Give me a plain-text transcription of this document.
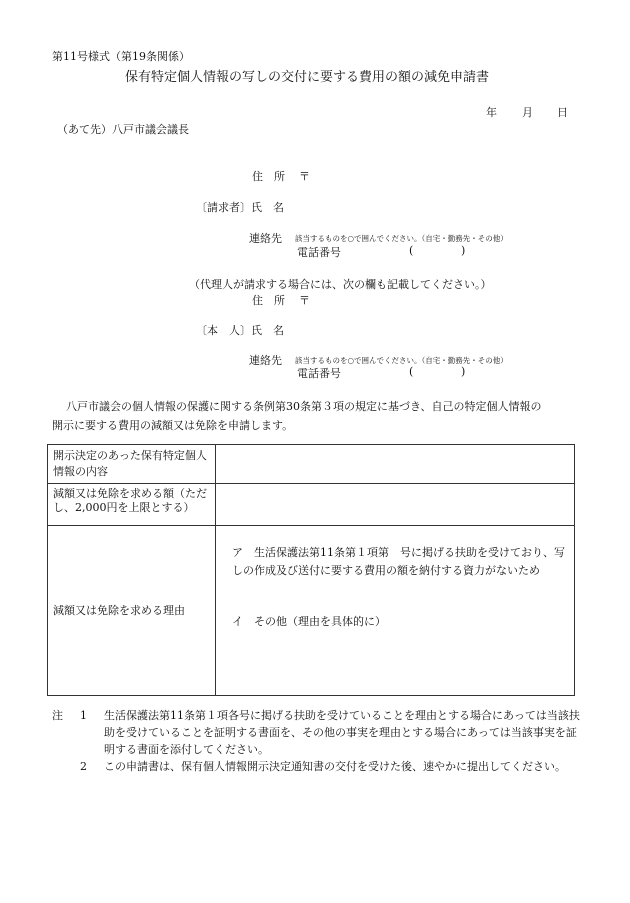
第11号様式（第19条関係）
保有特定個人情報の写しの交付に要する費用の額の減免申請書
年 月 日
（あて先）八戸市議会議長
住　所 〒
〔請求者〕氏　名
連絡先 該当するものを○で囲んでください。（自宅・勤務先・その他）
電話番号	(	)
（代理人が請求する場合には、次の欄も記載してください。）
住　所 〒
〔本　人〕氏　名
連絡先 該当するものを○で囲んでください。（自宅・勤務先・その他）
電話番号	(	)
八戸市議会の個人情報の保護に関する条例第30条第３項の規定に基づき、自己の特定個人情報の
開示に要する費用の減額又は免除を申請します。
開示決定のあった保有特定個人情報の内容	
減額又は免除を求める額（ただし、2,000円を上限とする）	
減額又は免除を求める理由	ア　生活保護法第11条第１項第　号に掲げる扶助を受けており、写しの作成及び送付に要する費用の額を納付する資力がないため
イ　その他（理由を具体的に）
注 1 生活保護法第11条第１項各号に掲げる扶助を受けていることを理由とする場合にあっては当該扶助を受けていることを証明する書面を、その他の事実を理由とする場合にあっては当該事実を証明する書面を添付してください。
2 この申請書は、保有個人情報開示決定通知書の交付を受けた後、速やかに提出してください。
